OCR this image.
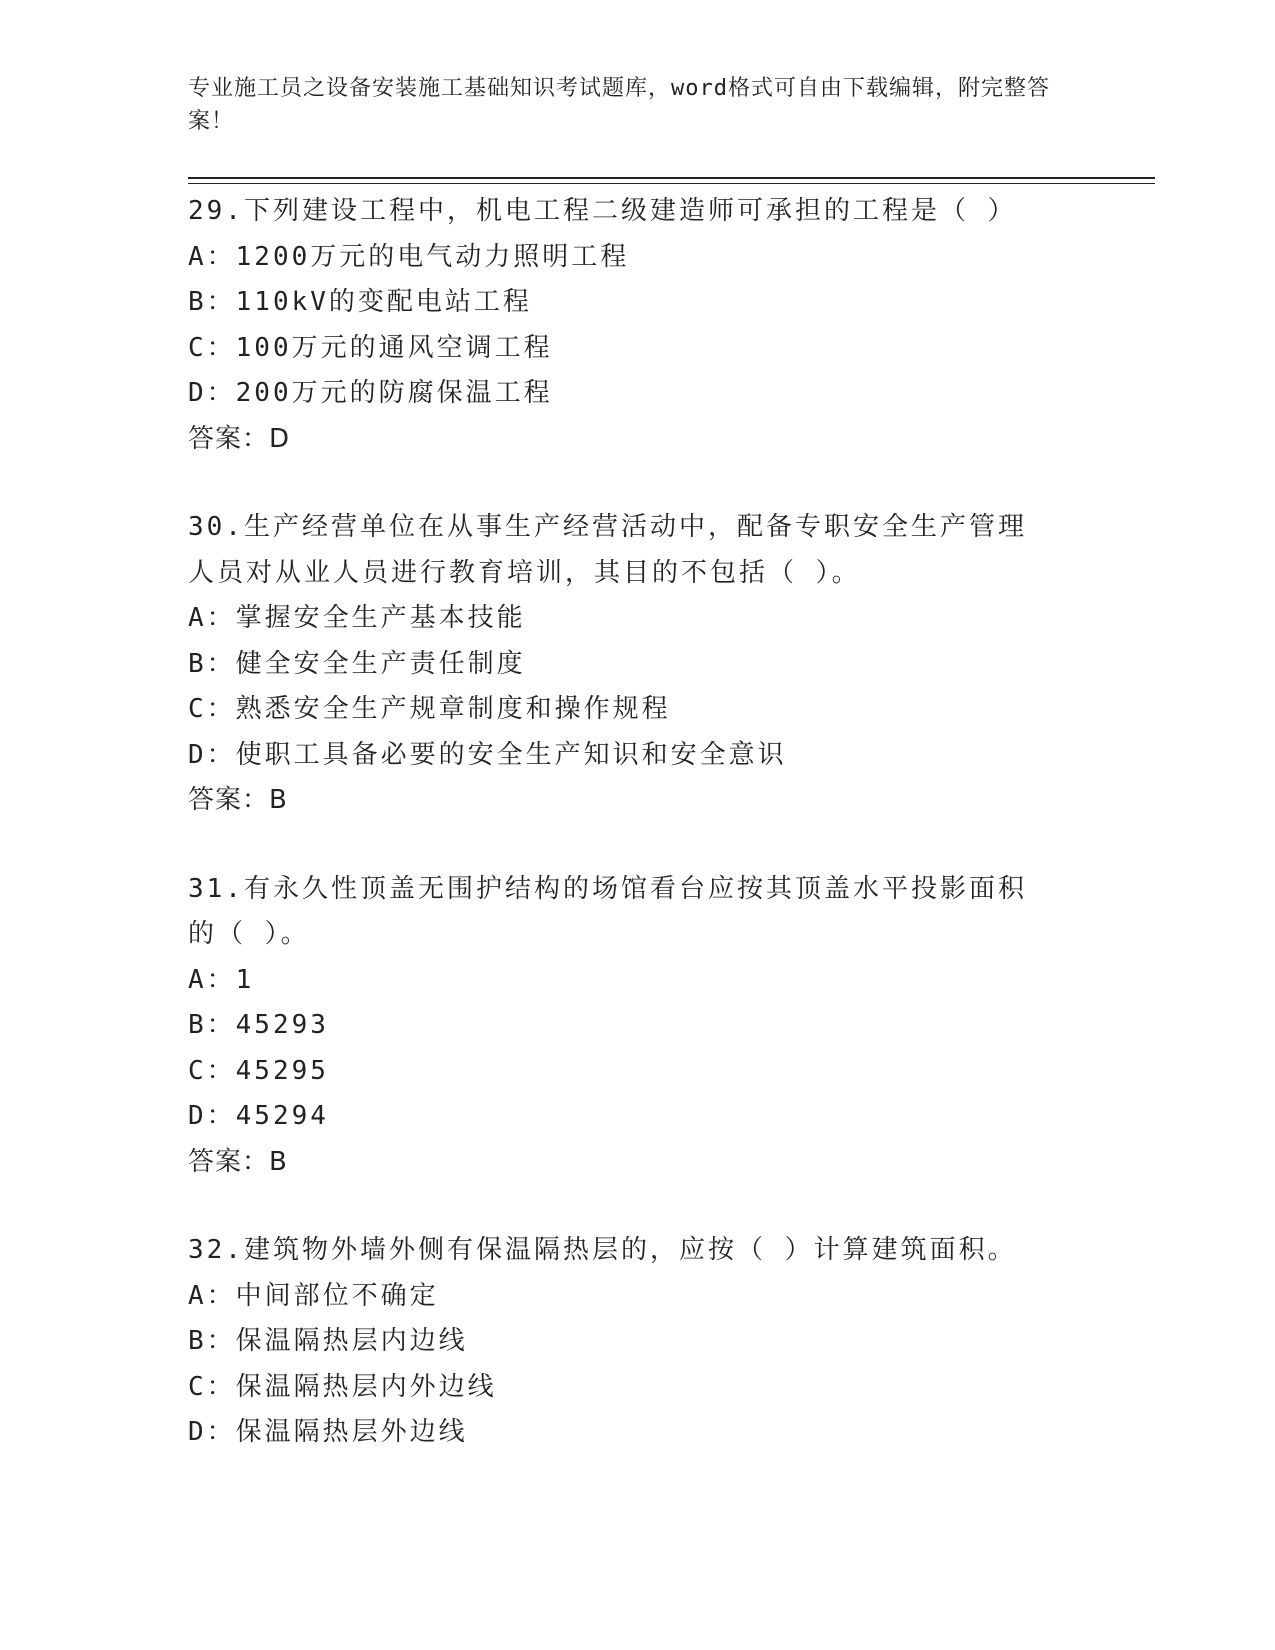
专业施工员之设备安装施工基础知识考试题库，word格式可自由下载编辑，附完整答案！
29.下列建设工程中，机电工程二级建造师可承担的工程是（ ）
A：1200万元的电气动力照明工程
B：110kV的变配电站工程
C：100万元的通风空调工程
D：200万元的防腐保温工程
答案：D
30.生产经营单位在从事生产经营活动中，配备专职安全生产管理人员对从业人员进行教育培训，其目的不包括（ ）。
A：掌握安全生产基本技能
B：健全安全生产责任制度
C：熟悉安全生产规章制度和操作规程
D：使职工具备必要的安全生产知识和安全意识
答案：B
31.有永久性顶盖无围护结构的场馆看台应按其顶盖水平投影面积的（ ）。
A：1
B：45293
C：45295
D：45294
答案：B
32.建筑物外墙外侧有保温隔热层的，应按（ ）计算建筑面积。
A：中间部位不确定
B：保温隔热层内边线
C：保温隔热层内外边线
D：保温隔热层外边线
